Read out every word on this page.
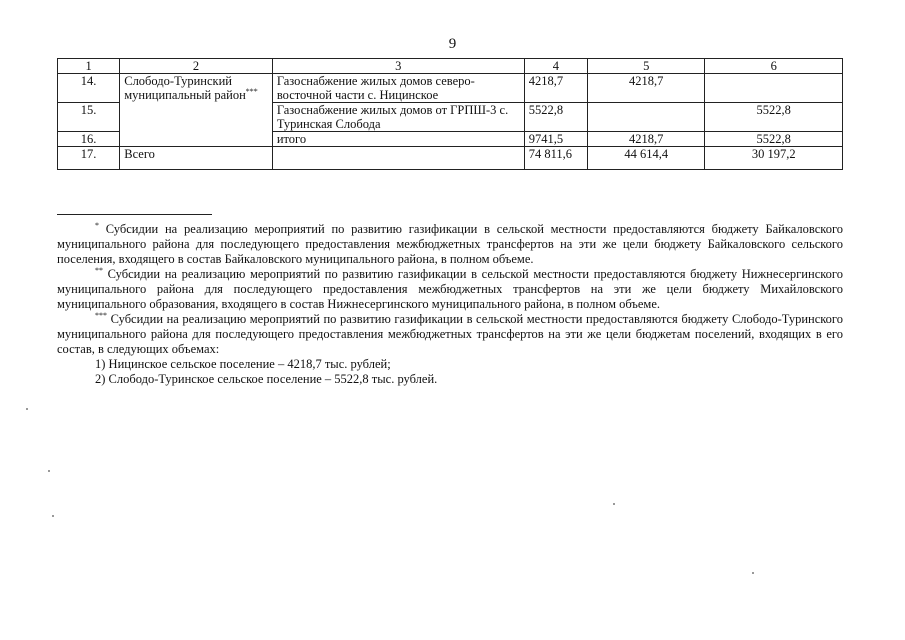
9
1	2	3	4	5	6
14.	Слободо-Туринский муниципальный район***	Газоснабжение жилых домов северо-восточной части с. Ницинское	4218,7	4218,7	
15.		Газоснабжение жилых домов от ГРПШ-3 с. Туринская Слобода	5522,8		5522,8
16.		итого	9741,5	4218,7	5522,8
17.	Всего		74 811,6	44 614,4	30 197,2

* Субсидии на реализацию мероприятий по развитию газификации в сельской местности предоставляются бюджету Байкаловского муниципального района для последующего предоставления межбюджетных трансфертов на эти же цели бюджету Байкаловского сельского поселения, входящего в состав Байкаловского муниципального района, в полном объеме.

** Субсидии на реализацию мероприятий по развитию газификации в сельской местности предоставляются бюджету Нижнесергинского муниципального района для последующего предоставления межбюджетных трансфертов на эти же цели бюджету Михайловского муниципального образования, входящего в состав Нижнесергинского муниципального района, в полном объеме.

*** Субсидии на реализацию мероприятий по развитию газификации в сельской местности предоставляются бюджету Слободо-Туринского муниципального района для последующего предоставления межбюджетных трансфертов на эти же цели бюджетам поселений, входящих в его состав, в следующих объемах:

1) Ницинское сельское поселение – 4218,7 тыс. рублей;

2) Слободо-Туринское сельское поселение – 5522,8 тыс. рублей.
